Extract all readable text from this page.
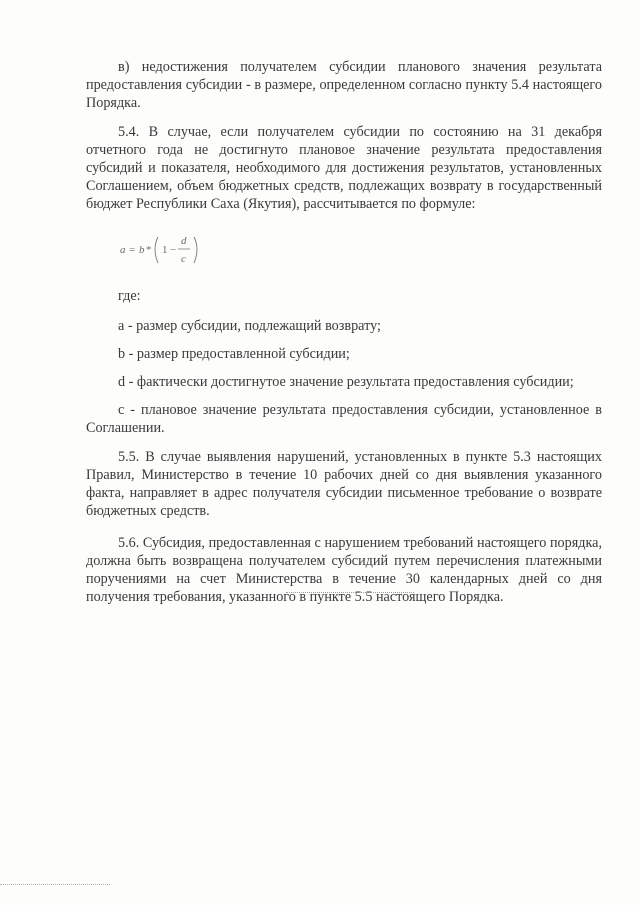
в) недостижения получателем субсидии планового значения результата предоставления субсидии - в размере, определенном согласно пункту 5.4 настоящего Порядка.

5.4. В случае, если получателем субсидии по состоянию на 31 декабря отчетного года не достигнуто плановое значение результата предоставления субсидий и показателя, необходимого для достижения результатов, установленных Соглашением, объем бюджетных средств, подлежащих возврату в государственный бюджет Республики Саха (Якутия), рассчитывается по формуле:

a = b * 1 −
d
c

где:

a - размер субсидии, подлежащий возврату;

b - размер предоставленной субсидии;

d - фактически достигнутое значение результата предоставления субсидии;

c - плановое значение результата предоставления субсидии, установленное в Соглашении.

5.5. В случае выявления нарушений, установленных в пункте 5.3 настоящих Правил, Министерство в течение 10 рабочих дней со дня выявления указанного факта, направляет в адрес получателя субсидии письменное требование о возврате бюджетных средств.

5.6. Субсидия, предоставленная с нарушением требований настоящего порядка, должна быть возвращена получателем субсидий путем перечисления платежными поручениями на счет Министерства в течение 30 календарных дней со дня получения требования, указанного в пункте 5.5 настоящего Порядка.
